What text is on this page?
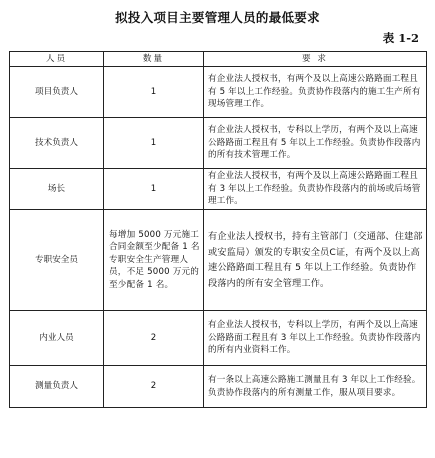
拟投入项目主要管理人员的最低要求
表 1-2
人员	数量	要 求
项目负责人	1	有企业法人授权书，有两个及以上高速公路路面工程且有 5 年以上工作经验。负责协作段落内的施工生产所有现场管理工作。
技术负责人	1	有企业法人授权书，专科以上学历，有两个及以上高速公路路面工程且有 5 年以上工作经验。负责协作段落内的所有技术管理工作。
场长	1	有企业法人授权书，有两个及以上高速公路路面工程且有 3 年以上工作经验。负责协作段落内的前场或后场管理工作。
专职安全员	每增加 5000 万元施工合同金额至少配备 1 名专职安全生产管理人员，不足 5000 万元的至少配备 1 名。	有企业法人授权书，持有主管部门（交通部、住建部或安监局）颁发的专职安全员C证，有两个及以上高速公路路面工程且有 5 年以上工作经验。负责协作段落内的所有安全管理工作。
内业人员	2	有企业法人授权书，专科以上学历，有两个及以上高速公路路面工程且有 3 年以上工作经验。负责协作段落内的所有内业资料工作。
测量负责人	2	有一条以上高速公路施工测量且有 3 年以上工作经验。负责协作段落内的所有测量工作，服从项目要求。
